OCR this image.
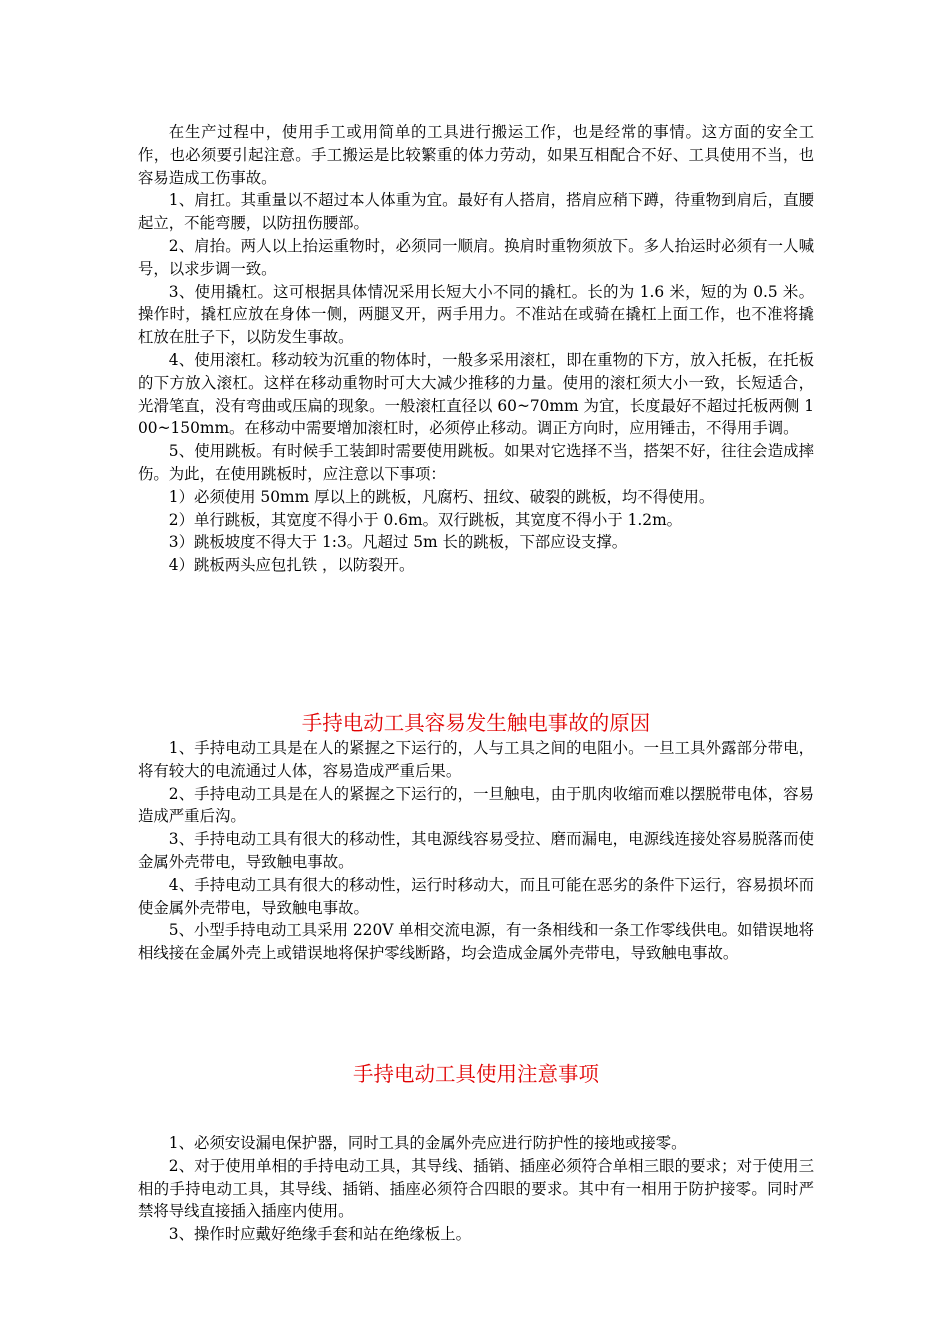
在生产过程中，使用手工或用简单的工具进行搬运工作，也是经常的事情。这方面的安全工作，也必须要引起注意。手工搬运是比较繁重的体力劳动，如果互相配合不好、工具使用不当，也容易造成工伤事故。

1、肩扛。其重量以不超过本人体重为宜。最好有人搭肩，搭肩应稍下蹲，待重物到肩后，直腰起立，不能弯腰，以防扭伤腰部。

2、肩抬。两人以上抬运重物时，必须同一顺肩。换肩时重物须放下。多人抬运时必须有一人喊号，以求步调一致。

3、使用撬杠。这可根据具体情况采用长短大小不同的撬杠。长的为 1.6 米，短的为 0.5 米。操作时，撬杠应放在身体一侧，两腿叉开，两手用力。不准站在或骑在撬杠上面工作，也不准将撬杠放在肚子下，以防发生事故。

4、使用滚杠。移动较为沉重的物体时，一般多采用滚杠，即在重物的下方，放入托板，在托板的下方放入滚杠。这样在移动重物时可大大减少推移的力量。使用的滚杠须大小一致，长短适合，光滑笔直，没有弯曲或压扁的现象。一般滚杠直径以 60~70mm 为宜，长度最好不超过托板两侧 100~150mm。在移动中需要增加滚杠时，必须停止移动。调正方向时，应用锤击，不得用手调。

5、使用跳板。有时候手工装卸时需要使用跳板。如果对它选择不当，搭架不好，往往会造成摔伤。为此，在使用跳板时，应注意以下事项：

1）必须使用 50mm 厚以上的跳板，凡腐朽、扭纹、破裂的跳板，均不得使用。

2）单行跳板，其宽度不得小于 0.6m。双行跳板，其宽度不得小于 1.2m。

3）跳板坡度不得大于 1:3。凡超过 5m 长的跳板，下部应设支撑。

4）跳板两头应包扎铁 ，以防裂开。

手持电动工具容易发生触电事故的原因

1、手持电动工具是在人的紧握之下运行的，人与工具之间的电阻小。一旦工具外露部分带电，将有较大的电流通过人体，容易造成严重后果。

2、手持电动工具是在人的紧握之下运行的，一旦触电，由于肌肉收缩而难以摆脱带电体，容易造成严重后沟。

3、手持电动工具有很大的移动性，其电源线容易受拉、磨而漏电，电源线连接处容易脱落而使金属外壳带电，导致触电事故。

4、手持电动工具有很大的移动性，运行时移动大，而且可能在恶劣的条件下运行，容易损坏而使金属外壳带电，导致触电事故。

5、小型手持电动工具采用 220V 单相交流电源，有一条相线和一条工作零线供电。如错误地将相线接在金属外壳上或错误地将保护零线断路，均会造成金属外壳带电，导致触电事故。

手持电动工具使用注意事项

1、必须安设漏电保护器，同时工具的金属外壳应进行防护性的接地或接零。

2、对于使用单相的手持电动工具，其导线、插销、插座必须符合单相三眼的要求；对于使用三相的手持电动工具，其导线、插销、插座必须符合四眼的要求。其中有一相用于防护接零。同时严禁将导线直接插入插座内使用。

3、操作时应戴好绝缘手套和站在绝缘板上。
